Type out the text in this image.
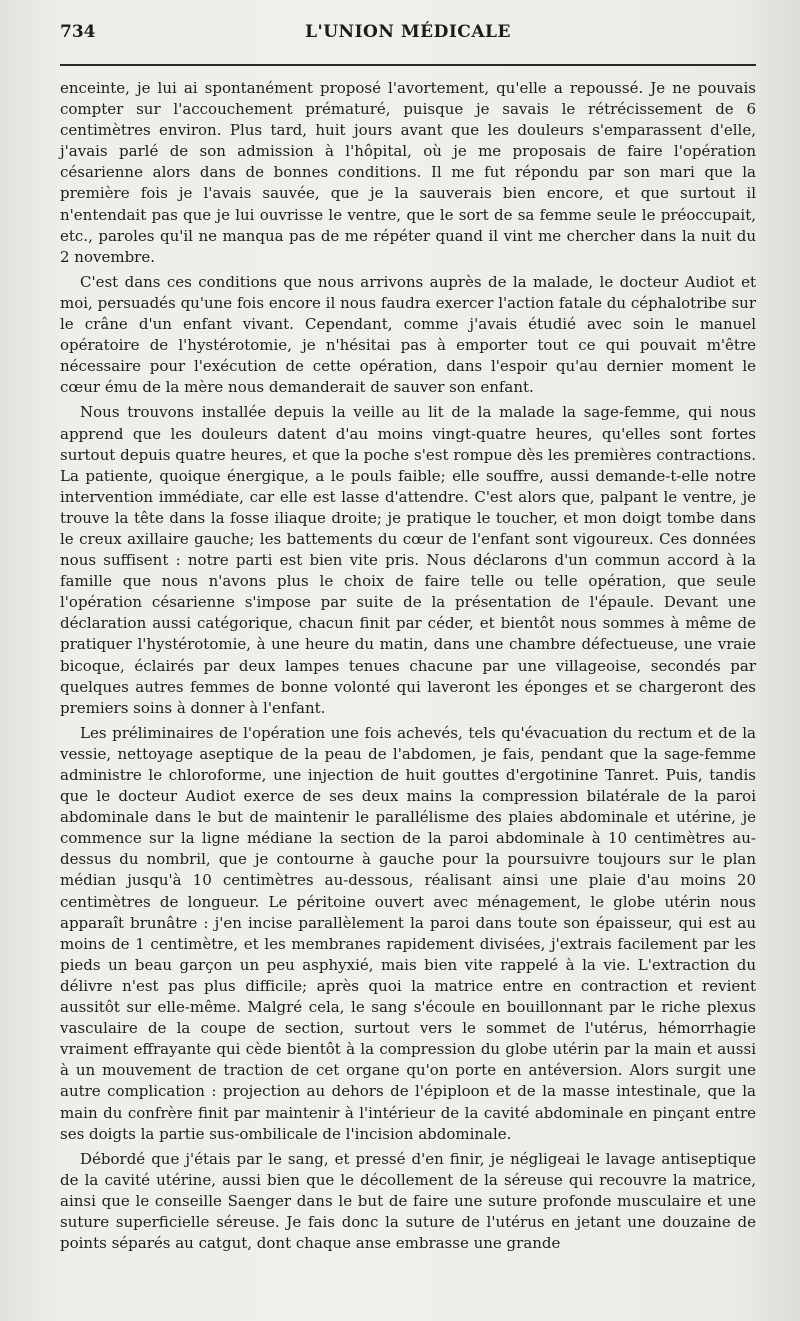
734	L'UNION MÉDICALE

enceinte, je lui ai spontanément proposé l'avortement, qu'elle a repoussé. Je ne pouvais compter sur l'accouchement prématuré, puisque je savais le rétrécissement de 6 centimètres environ. Plus tard, huit jours avant que les douleurs s'emparassent d'elle, j'avais parlé de son admission à l'hôpital, où je me proposais de faire l'opération césarienne alors dans de bonnes conditions. Il me fut répondu par son mari que la première fois je l'avais sauvée, que je la sauverais bien encore, et que surtout il n'entendait pas que je lui ouvrisse le ventre, que le sort de sa femme seule le préoccupait, etc., paroles qu'il ne manqua pas de me répéter quand il vint me chercher dans la nuit du 2 novembre.

C'est dans ces conditions que nous arrivons auprès de la malade, le docteur Audiot et moi, persuadés qu'une fois encore il nous faudra exercer l'action fatale du céphalotribe sur le crâne d'un enfant vivant. Cependant, comme j'avais étudié avec soin le manuel opératoire de l'hystérotomie, je n'hésitai pas à emporter tout ce qui pouvait m'être nécessaire pour l'exécution de cette opération, dans l'espoir qu'au dernier moment le cœur ému de la mère nous demanderait de sauver son enfant.

Nous trouvons installée depuis la veille au lit de la malade la sage-femme, qui nous apprend que les douleurs datent d'au moins vingt-quatre heures, qu'elles sont fortes surtout depuis quatre heures, et que la poche s'est rompue dès les premières contractions. La patiente, quoique énergique, a le pouls faible; elle souffre, aussi demande-t-elle notre intervention immédiate, car elle est lasse d'attendre. C'est alors que, palpant le ventre, je trouve la tête dans la fosse iliaque droite; je pratique le toucher, et mon doigt tombe dans le creux axillaire gauche; les battements du cœur de l'enfant sont vigoureux. Ces données nous suffisent : notre parti est bien vite pris. Nous déclarons d'un commun accord à la famille que nous n'avons plus le choix de faire telle ou telle opération, que seule l'opération césarienne s'impose par suite de la présentation de l'épaule. Devant une déclaration aussi catégorique, chacun finit par céder, et bientôt nous sommes à même de pratiquer l'hystérotomie, à une heure du matin, dans une chambre défectueuse, une vraie bicoque, éclairés par deux lampes tenues chacune par une villageoise, secondés par quelques autres femmes de bonne volonté qui laveront les éponges et se chargeront des premiers soins à donner à l'enfant.

Les préliminaires de l'opération une fois achevés, tels qu'évacuation du rectum et de la vessie, nettoyage aseptique de la peau de l'abdomen, je fais, pendant que la sage-femme administre le chloroforme, une injection de huit gouttes d'ergotinine Tanret. Puis, tandis que le docteur Audiot exerce de ses deux mains la compression bilatérale de la paroi abdominale dans le but de maintenir le parallélisme des plaies abdominale et utérine, je commence sur la ligne médiane la section de la paroi abdominale à 10 centimètres au-dessus du nombril, que je contourne à gauche pour la poursuivre toujours sur le plan médian jusqu'à 10 centimètres au-dessous, réalisant ainsi une plaie d'au moins 20 centimètres de longueur. Le péritoine ouvert avec ménagement, le globe utérin nous apparaît brunâtre : j'en incise parallèlement la paroi dans toute son épaisseur, qui est au moins de 1 centimètre, et les membranes rapidement divisées, j'extrais facilement par les pieds un beau garçon un peu asphyxié, mais bien vite rappelé à la vie. L'extraction du délivre n'est pas plus difficile; après quoi la matrice entre en contraction et revient aussitôt sur elle-même. Malgré cela, le sang s'écoule en bouillonnant par le riche plexus vasculaire de la coupe de section, surtout vers le sommet de l'utérus, hémorrhagie vraiment effrayante qui cède bientôt à la compression du globe utérin par la main et aussi à un mouvement de traction de cet organe qu'on porte en antéversion. Alors surgit une autre complication : projection au dehors de l'épiploon et de la masse intestinale, que la main du confrère finit par maintenir à l'intérieur de la cavité abdominale en pinçant entre ses doigts la partie sus-ombilicale de l'incision abdominale.

Débordé que j'étais par le sang, et pressé d'en finir, je négligeai le lavage antiseptique de la cavité utérine, aussi bien que le décollement de la séreuse qui recouvre la matrice, ainsi que le conseille Saenger dans le but de faire une suture profonde musculaire et une suture superficielle séreuse. Je fais donc la suture de l'utérus en jetant une douzaine de points séparés au catgut, dont chaque anse embrasse une grande
